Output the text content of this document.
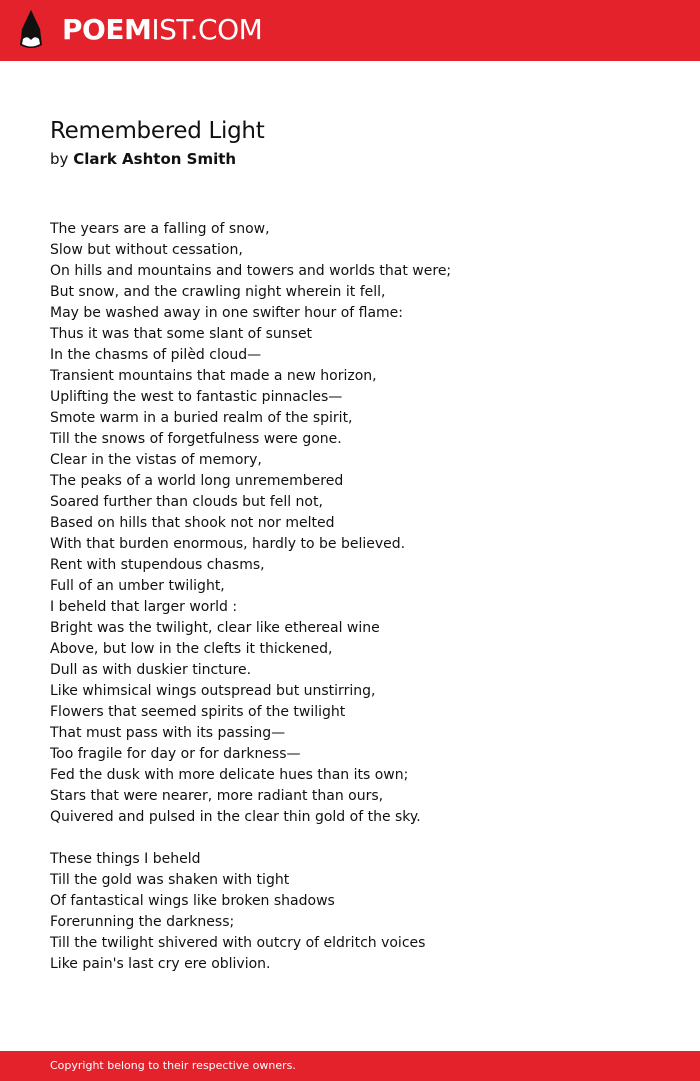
POEMIST.COM
Remembered Light
by Clark Ashton Smith
The years are a falling of snow,
Slow but without cessation,
On hills and mountains and towers and worlds that were;
But snow, and the crawling night wherein it fell,
May be washed away in one swifter hour of flame:
Thus it was that some slant of sunset
In the chasms of pilèd cloud—
Transient mountains that made a new horizon,
Uplifting the west to fantastic pinnacles—
Smote warm in a buried realm of the spirit,
Till the snows of forgetfulness were gone.
Clear in the vistas of memory,
The peaks of a world long unremembered
Soared further than clouds but fell not,
Based on hills that shook not nor melted
With that burden enormous, hardly to be believed.
Rent with stupendous chasms,
Full of an umber twilight,
I beheld that larger world :
Bright was the twilight, clear like ethereal wine
Above, but low in the clefts it thickened,
Dull as with duskier tincture.
Like whimsical wings outspread but unstirring,
Flowers that seemed spirits of the twilight
That must pass with its passing—
Too fragile for day or for darkness—
Fed the dusk with more delicate hues than its own;
Stars that were nearer, more radiant than ours,
Quivered and pulsed in the clear thin gold of the sky.
These things I beheld
Till the gold was shaken with tight
Of fantastical wings like broken shadows
Forerunning the darkness;
Till the twilight shivered with outcry of eldritch voices
Like pain's last cry ere oblivion.
Copyright belong to their respective owners.
